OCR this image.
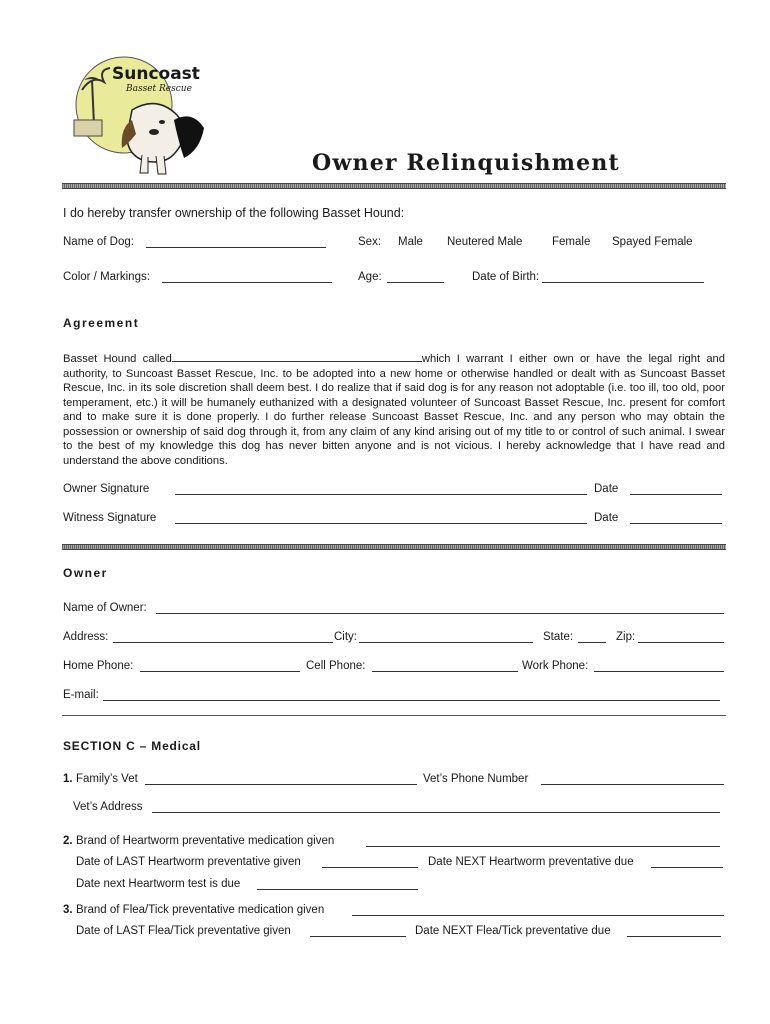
Suncoast
Basset Rescue
Owner Relinquishment
I do hereby transfer ownership of the following Basset Hound:
Name of Dog:	Sex: Male Neutered Male	Female Spayed Female
Color / Markings:	Age:	Date of Birth:
Agreement
Basset Hound called	which I warrant I either own or have the legal right and authority, to Suncoast Basset Rescue, Inc. to be adopted into a new home or otherwise handled or dealt with as Suncoast Basset Rescue, Inc. in its sole discretion shall deem best. I do realize that if said dog is for any reason not adoptable (i.e. too ill, too old, poor temperament, etc.) it will be humanely euthanized with a designated volunteer of Suncoast Basset Rescue, Inc. present for comfort and to make sure it is done properly. I do further release Suncoast Basset Rescue, Inc. and any person who may obtain the possession or ownership of said dog through it, from any claim of any kind arising out of my title to or control of such animal. I swear to the best of my knowledge this dog has never bitten anyone and is not vicious. I hereby acknowledge that I have read and understand the above conditions.
Owner Signature	Date
Witness Signature	Date
Owner
Name of Owner:
Address:	City:	State:	Zip:
Home Phone:	Cell Phone:	Work Phone:
E-mail:
SECTION C – Medical
1. Family’s Vet	Vet’s Phone Number
Vet’s Address
2. Brand of Heartworm preventative medication given
Date of LAST Heartworm preventative given	Date NEXT Heartworm preventative due
Date next Heartworm test is due
3. Brand of Flea/Tick preventative medication given
Date of LAST Flea/Tick preventative given	Date NEXT Flea/Tick preventative due
